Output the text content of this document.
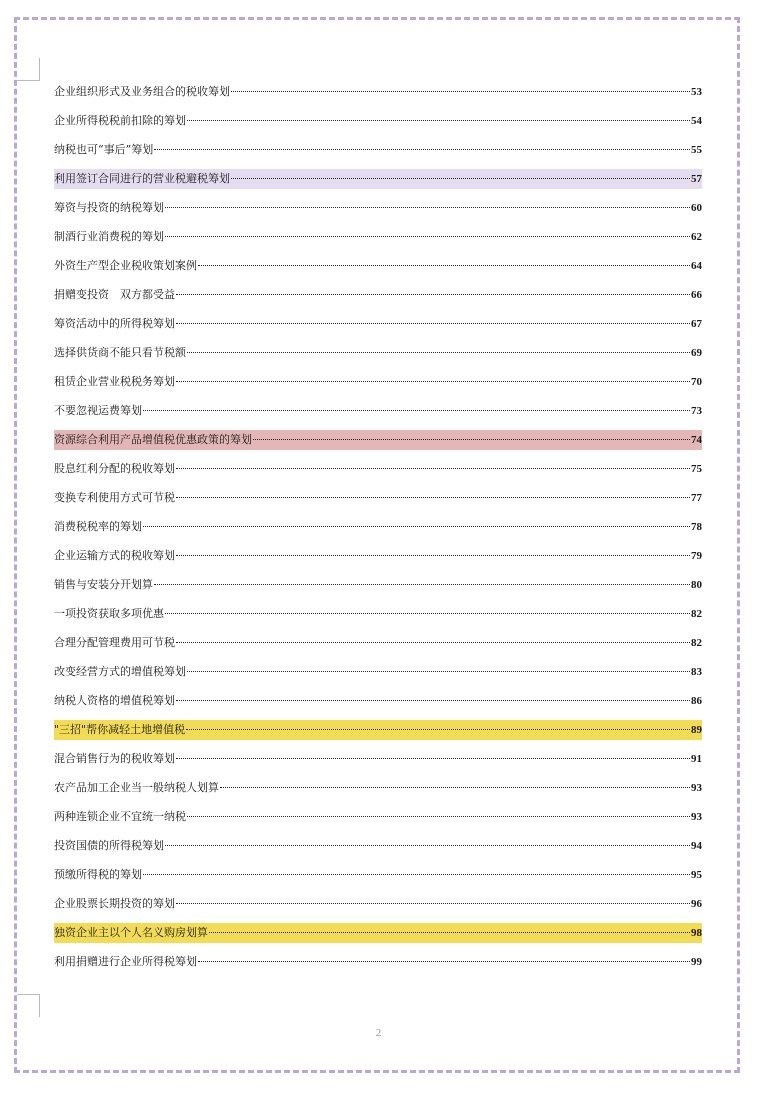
企业组织形式及业务组合的税收筹划	53
企业所得税税前扣除的筹划	54
纳税也可“事后”筹划	55
利用签订合同进行的营业税避税筹划	57
筹资与投资的纳税筹划	60
制酒行业消费税的筹划	62
外资生产型企业税收策划案例	64
捐赠变投资　双方都受益	66
筹资活动中的所得税筹划	67
选择供货商不能只看节税额	69
租赁企业营业税税务筹划	70
不要忽视运费筹划	73
资源综合利用产品增值税优惠政策的筹划	74
股息红利分配的税收筹划	75
变换专利使用方式可节税	77
消费税税率的筹划	78
企业运输方式的税收筹划	79
销售与安装分开划算	80
一项投资获取多项优惠	82
合理分配管理费用可节税	82
改变经营方式的增值税筹划	83
纳税人资格的增值税筹划	86
"三招"帮你减轻土地增值税	89
混合销售行为的税收筹划	91
农产品加工企业当一般纳税人划算	93
两种连锁企业不宜统一纳税	93
投资国债的所得税筹划	94
预缴所得税的筹划	95
企业股票长期投资的筹划	96
独资企业主以个人名义购房划算	98
利用捐赠进行企业所得税筹划	99
2
